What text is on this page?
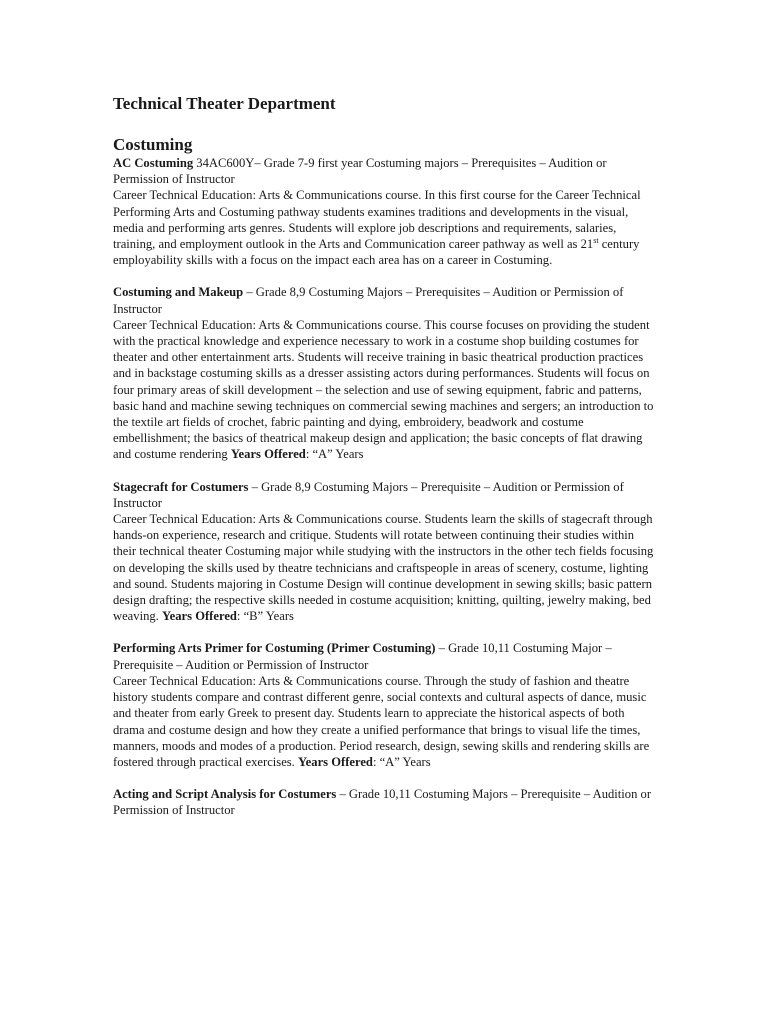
Technical Theater Department
Costuming

AC Costuming 34AC600Y– Grade 7-9 first year Costuming majors – Prerequisites – Audition or Permission of Instructor

Career Technical Education: Arts & Communications course. In this first course for the Career Technical Performing Arts and Costuming pathway students examines traditions and developments in the visual, media and performing arts genres. Students will explore job descriptions and requirements, salaries, training, and employment outlook in the Arts and Communication career pathway as well as 21st century employability skills with a focus on the impact each area has on a career in Costuming.

Costuming and Makeup – Grade 8,9 Costuming Majors – Prerequisites – Audition or Permission of Instructor

Career Technical Education: Arts & Communications course. This course focuses on providing the student with the practical knowledge and experience necessary to work in a costume shop building costumes for theater and other entertainment arts. Students will receive training in basic theatrical production practices and in backstage costuming skills as a dresser assisting actors during performances. Students will focus on four primary areas of skill development – the selection and use of sewing equipment, fabric and patterns, basic hand and machine sewing techniques on commercial sewing machines and sergers; an introduction to the textile art fields of crochet, fabric painting and dying, embroidery, beadwork and costume embellishment; the basics of theatrical makeup design and application; the basic concepts of flat drawing and costume rendering Years Offered: “A” Years

Stagecraft for Costumers – Grade 8,9 Costuming Majors – Prerequisite – Audition or Permission of Instructor

Career Technical Education: Arts & Communications course. Students learn the skills of stagecraft through hands-on experience, research and critique. Students will rotate between continuing their studies within their technical theater Costuming major while studying with the instructors in the other tech fields focusing on developing the skills used by theatre technicians and craftspeople in areas of scenery, costume, lighting and sound. Students majoring in Costume Design will continue development in sewing skills; basic pattern design drafting; the respective skills needed in costume acquisition; knitting, quilting, jewelry making, bed weaving. Years Offered: “B” Years

Performing Arts Primer for Costuming (Primer Costuming) – Grade 10,11 Costuming Major – Prerequisite – Audition or Permission of Instructor

Career Technical Education: Arts & Communications course. Through the study of fashion and theatre history students compare and contrast different genre, social contexts and cultural aspects of dance, music and theater from early Greek to present day. Students learn to appreciate the historical aspects of both drama and costume design and how they create a unified performance that brings to visual life the times, manners, moods and modes of a production. Period research, design, sewing skills and rendering skills are fostered through practical exercises. Years Offered: “A” Years

Acting and Script Analysis for Costumers – Grade 10,11 Costuming Majors – Prerequisite – Audition or Permission of Instructor
